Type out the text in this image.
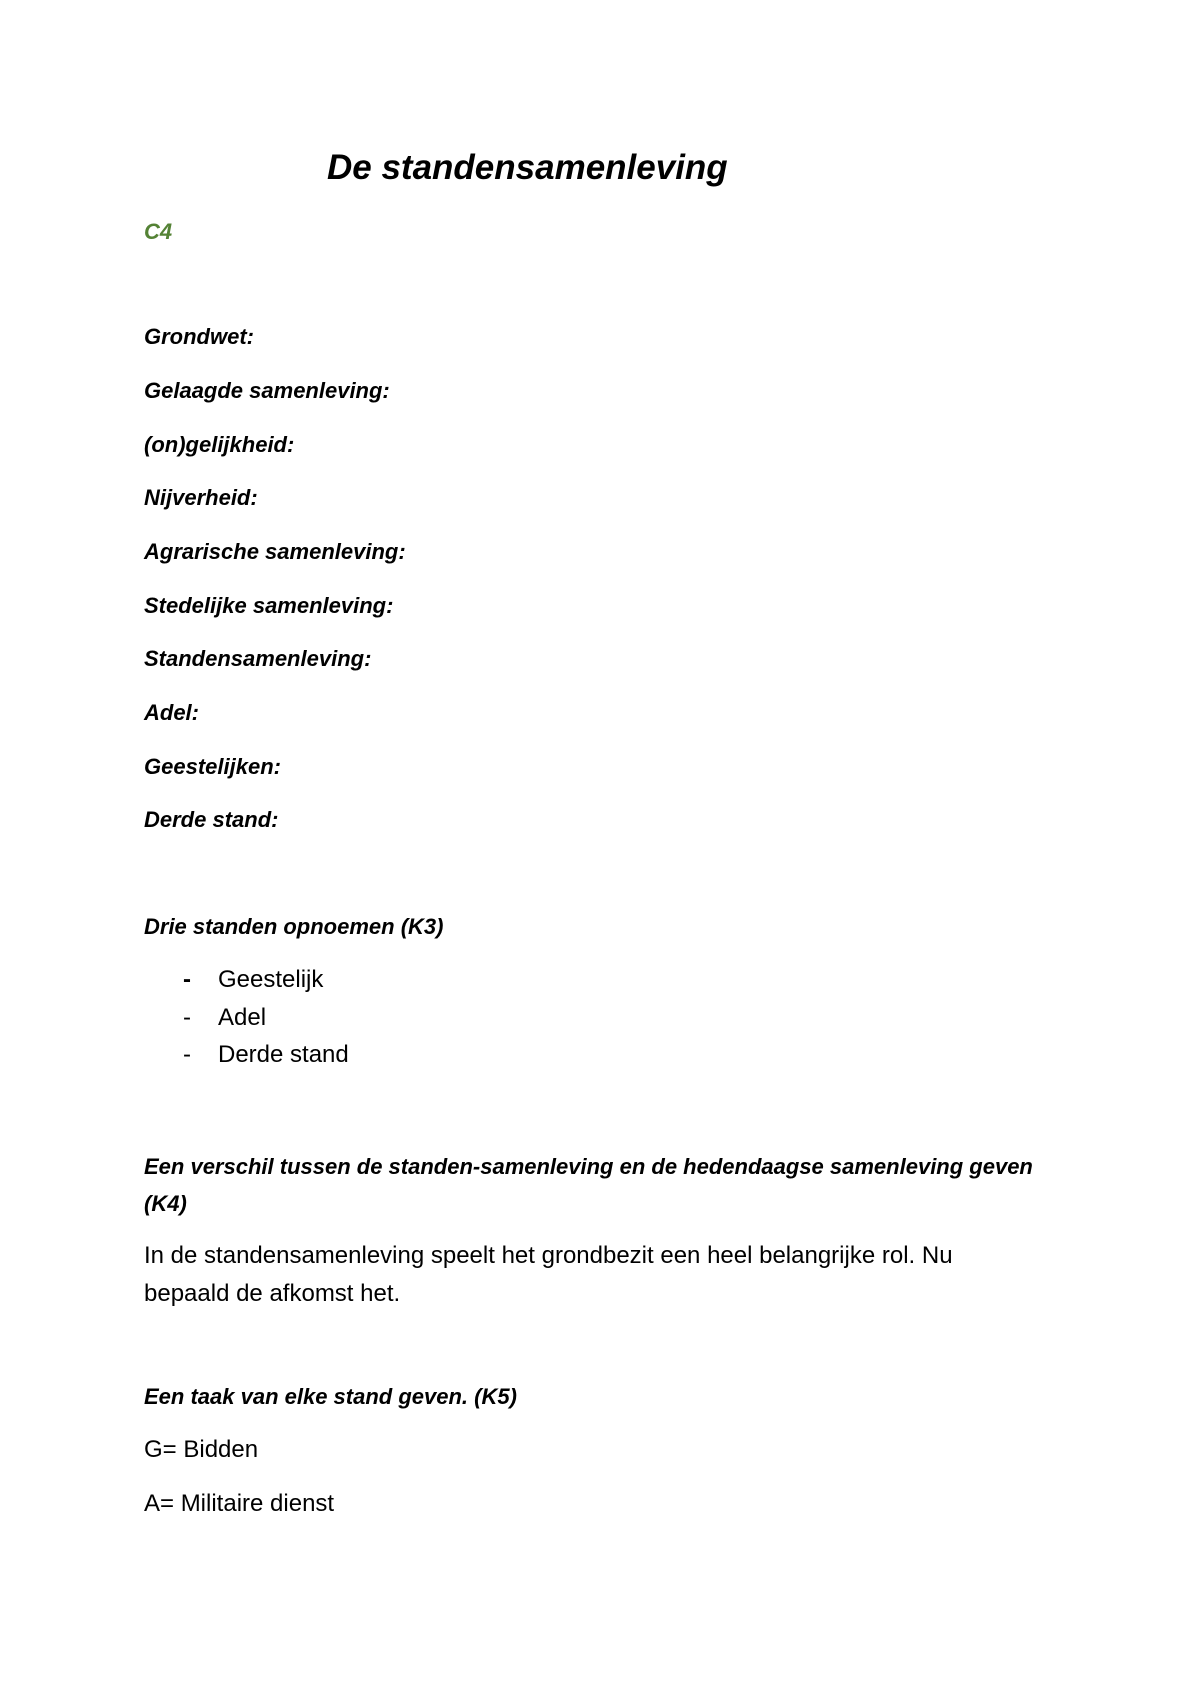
De standensamenleving
C4
Grondwet:
Gelaagde samenleving:
(on)gelijkheid:
Nijverheid:
Agrarische samenleving:
Stedelijke samenleving:
Standensamenleving:
Adel:
Geestelijken:
Derde stand:
Drie standen opnoemen (K3)
- Geestelijk
- Adel
- Derde stand
Een verschil tussen de standen-samenleving en de hedendaagse samenleving geven (K4)
In de standensamenleving speelt het grondbezit een heel belangrijke rol. Nu bepaald de afkomst het.
Een taak van elke stand geven. (K5)
G= Bidden
A= Militaire dienst
